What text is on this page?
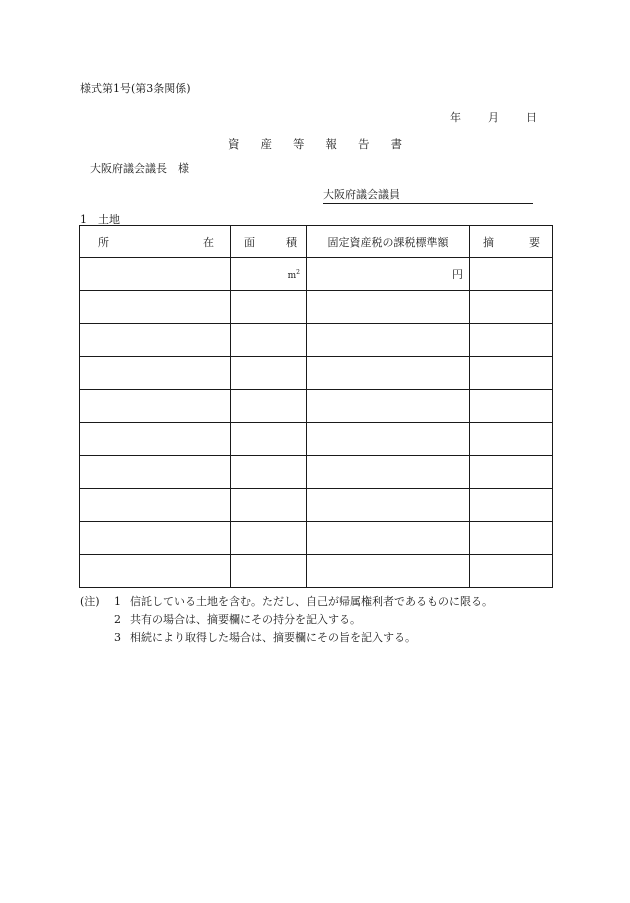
様式第1号(第3条関係)
年 月 日
資産等報告書
大阪府議会議長　様
大阪府議会議員
1　土地
所 在	面 積	固定資産税の課税標準額	摘 要

	$m^2$	円	

(注) 1 信託している土地を含む。ただし、自己が帰属権利者であるものに限る。
2 共有の場合は、摘要欄にその持分を記入する。
3 相続により取得した場合は、摘要欄にその旨を記入する。
